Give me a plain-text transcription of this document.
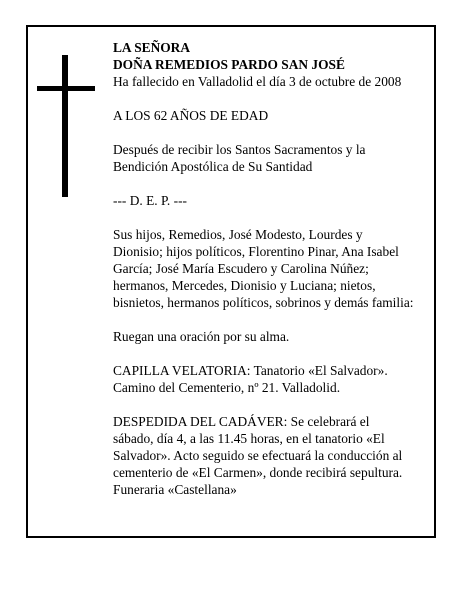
LA SEÑORA
DOÑA REMEDIOS PARDO SAN JOSÉ
Ha fallecido en Valladolid el día 3 de octubre de 2008

A LOS 62 AÑOS DE EDAD

Después de recibir los Santos Sacramentos y la
Bendición Apostólica de Su Santidad

--- D. E. P. ---

Sus hijos, Remedios, José Modesto, Lourdes y
Dionisio; hijos políticos, Florentino Pinar, Ana Isabel
García; José María Escudero y Carolina Núñez;
hermanos, Mercedes, Dionisio y Luciana; nietos,
bisnietos, hermanos políticos, sobrinos y demás familia:

Ruegan una oración por su alma.

CAPILLA VELATORIA: Tanatorio «El Salvador».
Camino del Cementerio, nº 21. Valladolid.

DESPEDIDA DEL CADÁVER: Se celebrará el
sábado, día 4, a las 11.45 horas, en el tanatorio «El
Salvador». Acto seguido se efectuará la conducción al
cementerio de «El Carmen», donde recibirá sepultura.
Funeraria «Castellana»
